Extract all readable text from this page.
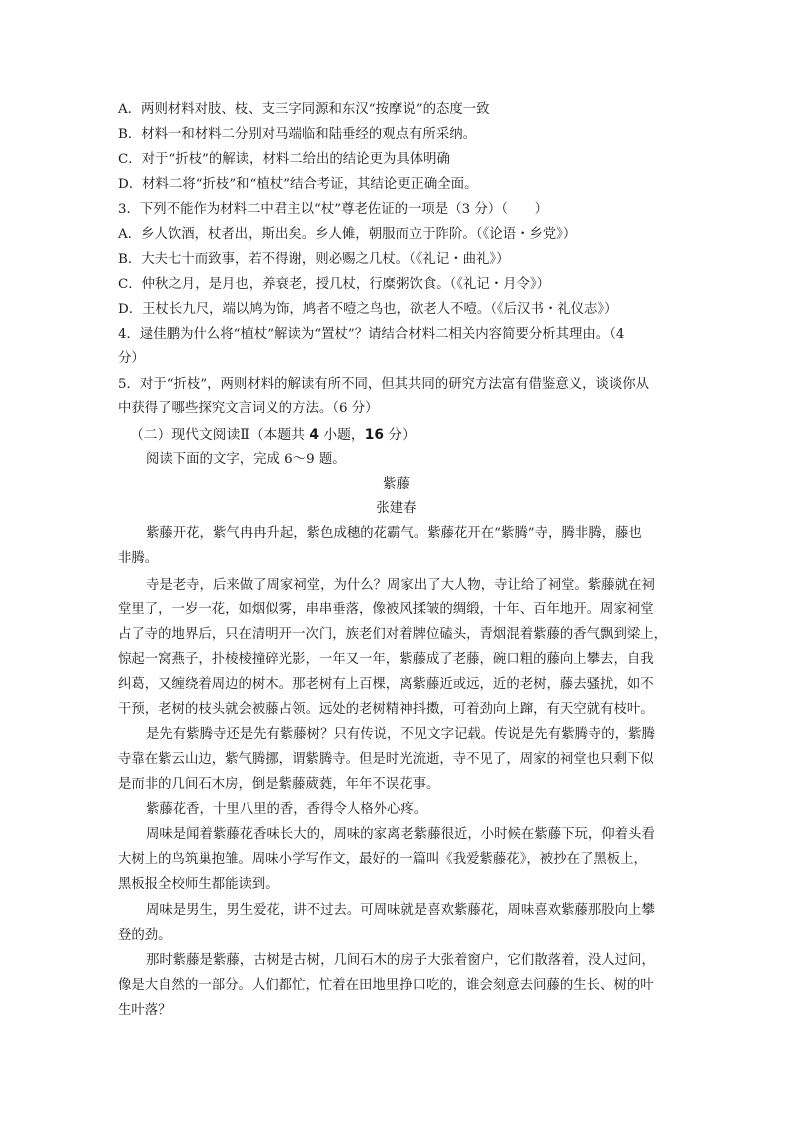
A．两则材料对肢、枝、支三字同源和东汉“按摩说”的态度一致
B．材料一和材料二分别对马端临和陆垂经的观点有所采纳。
C．对于“折枝”的解读，材料二给出的结论更为具体明确
D．材料二将“折枝”和“植杖”结合考证，其结论更正确全面。
3．下列不能作为材料二中君主以“杖”尊老佐证的一项是（3 分）（　　）
A．乡人饮酒，杖者出，斯出矣。乡人傩，朝服而立于阼阶。（《论语・乡党》）
B．大夫七十而致事，若不得谢，则必赐之几杖。（《礼记・曲礼》）
C．仲秋之月，是月也，养衰老，授几杖，行糜粥饮食。（《礼记・月令》）
D．王杖长九尺，端以鸠为饰，鸠者不噎之鸟也，欲老人不噎。（《后汉书・礼仪志》）
4．逯佳鹏为什么将“植杖”解读为“置杖”？请结合材料二相关内容简要分析其理由。（4
分）
5．对于“折枝”，两则材料的解读有所不同，但其共同的研究方法富有借鉴意义，谈谈你从
中获得了哪些探究文言词义的方法。（6 分）
（二）现代文阅读Ⅱ（本题共 4 小题，16 分）
阅读下面的文字，完成 6～9 题。
紫藤
张建春
紫藤开花，紫气冉冉升起，紫色成穗的花霸气。紫藤花开在“紫腾”寺，腾非腾，藤也
非腾。
寺是老寺，后来做了周家祠堂，为什么？周家出了大人物，寺让给了祠堂。紫藤就在祠
堂里了，一岁一花，如烟似雾，串串垂落，像被风揉皱的绸缎，十年、百年地开。周家祠堂
占了寺的地界后，只在清明开一次门，族老们对着牌位磕头，青烟混着紫藤的香气飘到梁上，
惊起一窝燕子，扑棱棱撞碎光影，一年又一年，紫藤成了老藤，碗口粗的藤向上攀去，自我
纠葛，又缠绕着周边的树木。那老树有上百棵，离紫藤近或远，近的老树，藤去骚扰，如不
干预，老树的枝头就会被藤占领。远处的老树精神抖擞，可着劲向上蹿，有天空就有枝叶。
是先有紫腾寺还是先有紫藤树？只有传说，不见文字记载。传说是先有紫腾寺的，紫腾
寺靠在紫云山边，紫气腾挪，谓紫腾寺。但是时光流逝，寺不见了，周家的祠堂也只剩下似
是而非的几间石木房，倒是紫藤葳蕤，年年不误花事。
紫藤花香，十里八里的香，香得令人格外心疼。
周味是闻着紫藤花香味长大的，周味的家离老紫藤很近，小时候在紫藤下玩，仰着头看
大树上的鸟筑巢抱雏。周味小学写作文，最好的一篇叫《我爱紫藤花》，被抄在了黑板上，
黑板报全校师生都能读到。
周味是男生，男生爱花，讲不过去。可周味就是喜欢紫藤花，周味喜欢紫藤那股向上攀
登的劲。
那时紫藤是紫藤，古树是古树，几间石木的房子大张着窗户，它们散落着，没人过问，
像是大自然的一部分。人们都忙，忙着在田地里挣口吃的，谁会刻意去问藤的生长、树的叶
生叶落？
